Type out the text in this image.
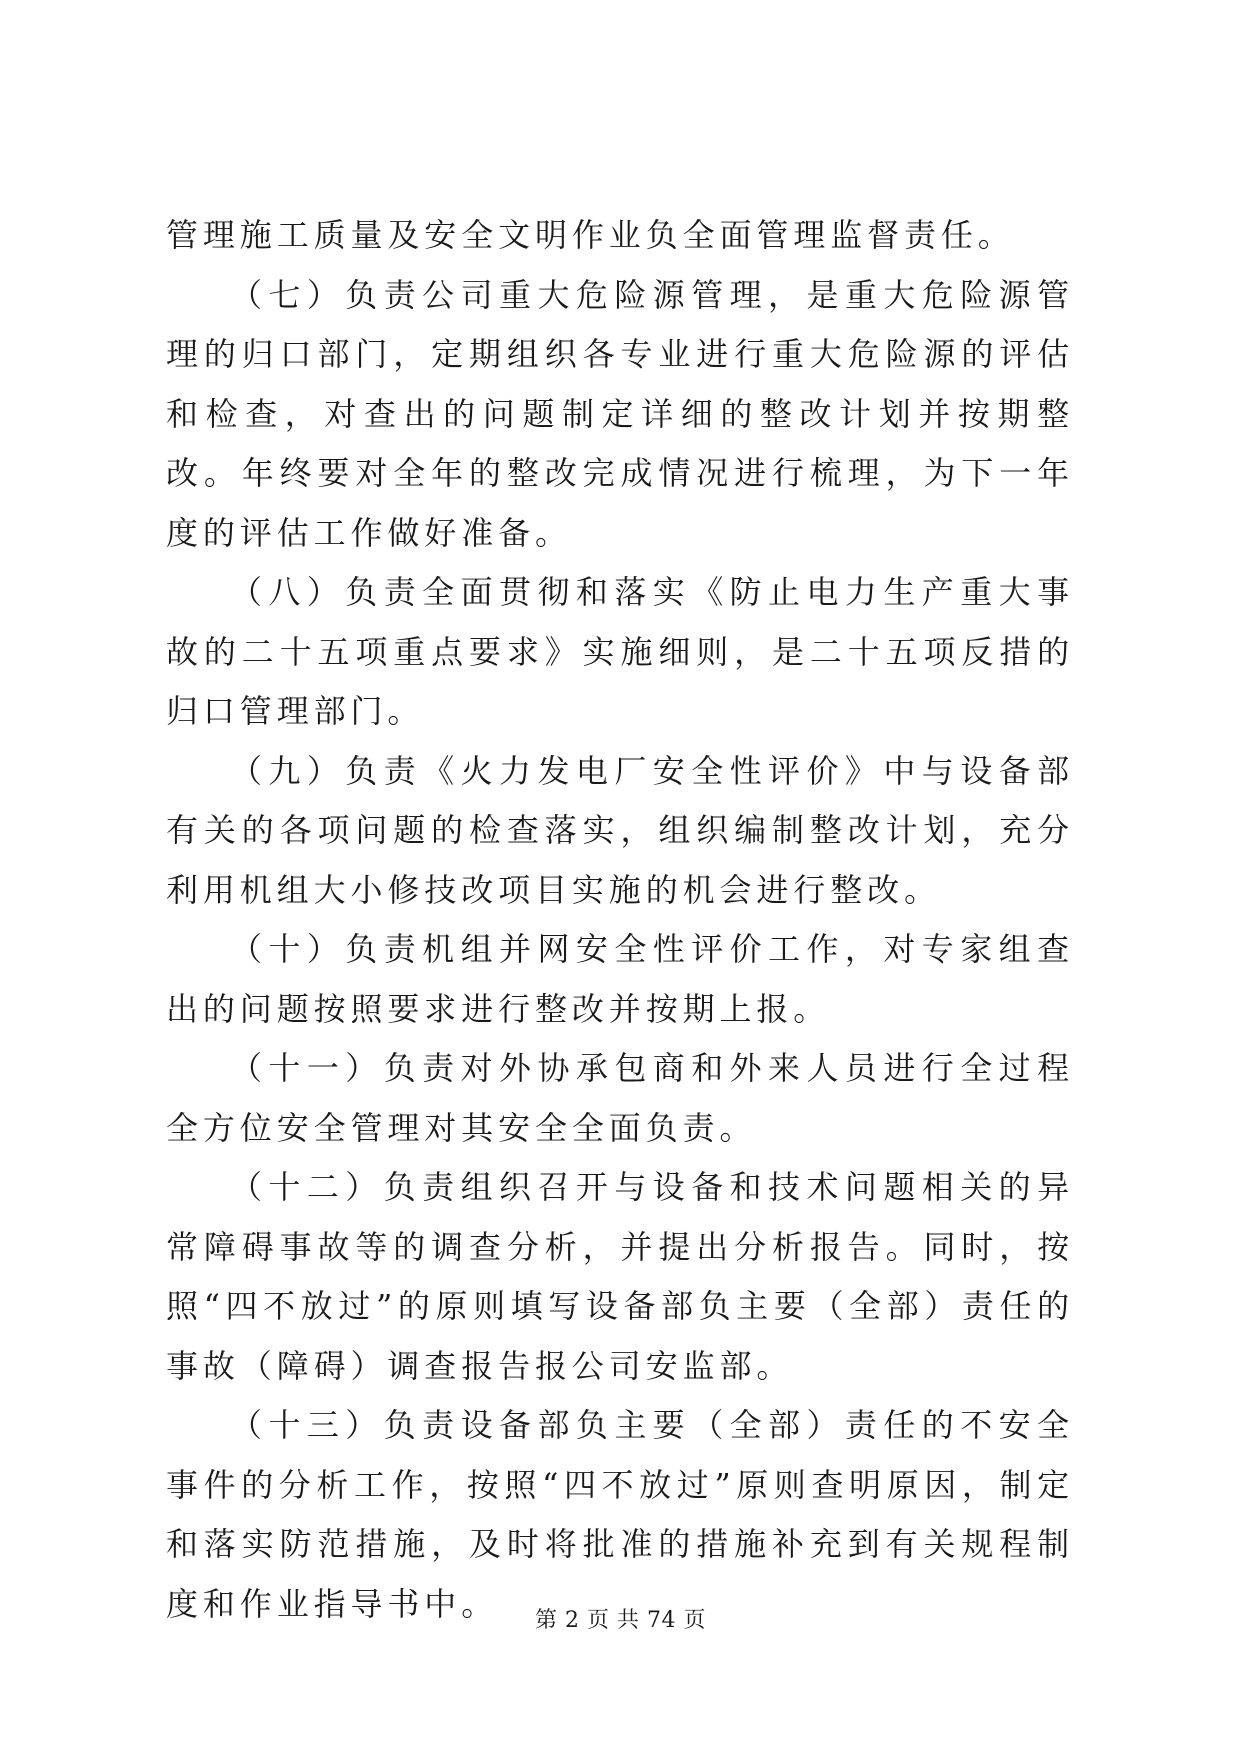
管理施工质量及安全文明作业负全面管理监督责任。

（七）负责公司重大危险源管理，是重大危险源管理的归口部门，定期组织各专业进行重大危险源的评估和检查，对查出的问题制定详细的整改计划并按期整改。年终要对全年的整改完成情况进行梳理，为下一年度的评估工作做好准备。

（八）负责全面贯彻和落实《防止电力生产重大事故的二十五项重点要求》实施细则，是二十五项反措的归口管理部门。

（九）负责《火力发电厂安全性评价》中与设备部有关的各项问题的检查落实，组织编制整改计划，充分利用机组大小修技改项目实施的机会进行整改。

（十）负责机组并网安全性评价工作，对专家组查出的问题按照要求进行整改并按期上报。

（十一）负责对外协承包商和外来人员进行全过程全方位安全管理对其安全全面负责。

（十二）负责组织召开与设备和技术问题相关的异常障碍事故等的调查分析，并提出分析报告。同时，按照“四不放过”的原则填写设备部负主要（全部）责任的事故（障碍）调查报告报公司安监部。

（十三）负责设备部负主要（全部）责任的不安全事件的分析工作，按照“四不放过”原则查明原因，制定和落实防范措施，及时将批准的措施补充到有关规程制度和作业指导书中。	第 2 页 共 74 页
